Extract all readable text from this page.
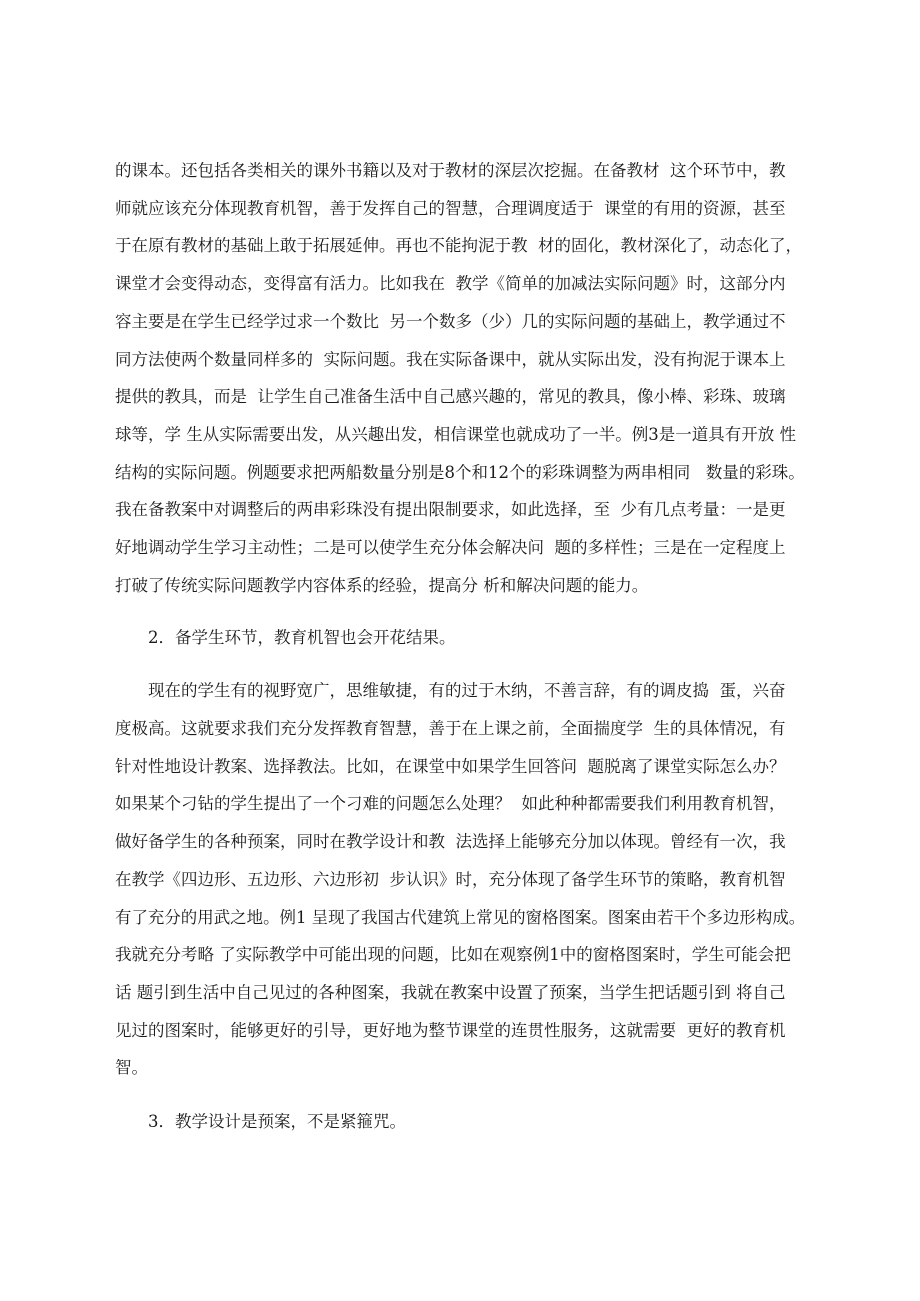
的课本。还包括各类相关的课外书籍以及对于教材的深层次挖掘。在备教材  这个环节中，教
师就应该充分体现教育机智，善于发挥自己的智慧，合理调度适于  课堂的有用的资源，甚至
于在原有教材的基础上敢于拓展延伸。再也不能拘泥于教  材的固化，教材深化了，动态化了，
课堂才会变得动态，变得富有活力。比如我在  教学《简单的加减法实际问题》时，这部分内
容主要是在学生已经学过求一个数比  另一个数多（少）几的实际问题的基础上，教学通过不
同方法使两个数量同样多的  实际问题。我在实际备课中，就从实际出发，没有拘泥于课本上
提供的教具，而是  让学生自己准备生活中自己感兴趣的，常见的教具，像小棒、彩珠、玻璃
球等，学 生从实际需要出发，从兴趣出发，相信课堂也就成功了一半。例3是一道具有开放 性
结构的实际问题。例题要求把两船数量分别是8个和12个的彩珠调整为两串相同   数量的彩珠。
我在备教案中对调整后的两串彩珠没有提出限制要求，如此选择，至  少有几点考量：一是更
好地调动学生学习主动性；二是可以使学生充分体会解决问  题的多样性；三是在一定程度上
打破了传统实际问题教学内容体系的经验，提高分 析和解决问题的能力。
2．备学生环节，教育机智也会开花结果。
现在的学生有的视野宽广，思维敏捷，有的过于木纳，不善言辞，有的调皮捣  蛋，兴奋
度极高。这就要求我们充分发挥教育智慧，善于在上课之前，全面揣度学  生的具体情况，有
针对性地设计教案、选择教法。比如，在课堂中如果学生回答问  题脱离了课堂实际怎么办？
如果某个刁钻的学生提出了一个刁难的问题怎么处理？  如此种种都需要我们利用教育机智，
做好备学生的各种预案，同时在教学设计和教  法选择上能够充分加以体现。曾经有一次，我
在教学《四边形、五边形、六边形初  步认识》时，充分体现了备学生环节的策略，教育机智
有了充分的用武之地。例1 呈现了我国古代建筑上常见的窗格图案。图案由若干个多边形构成。
我就充分考略 了实际教学中可能出现的问题，比如在观察例1中的窗格图案时，学生可能会把
话 题引到生活中自己见过的各种图案，我就在教案中设置了预案，当学生把话题引到 将自己
见过的图案时，能够更好的引导，更好地为整节课堂的连贯性服务，这就需要  更好的教育机
智。
3．教学设计是预案，不是紧箍咒。
